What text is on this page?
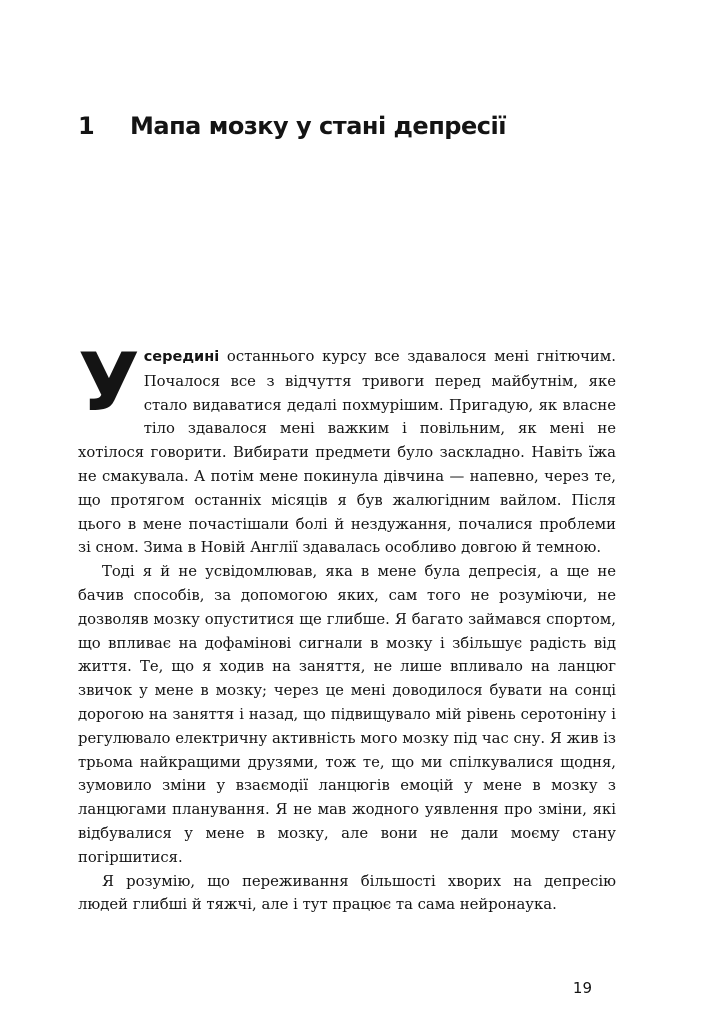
1 Мапа мозку у стані депресії

Усередині останнього курсу все здавалося мені гнітючим. Почалося все з відчуття тривоги перед майбутнім, яке стало видаватися дедалі похмурішим. Пригадую, як власне тіло здавалося мені важким і повільним, як мені не хотілося говорити. Вибирати предмети було заскладно. Навіть їжа не смакувала. А потім мене покинула дівчина — напевно, через те, що протягом останніх місяців я був жалюгідним вайлом. Після цього в мене почастішали болі й нездужання, почалися проблеми зі сном. Зима в Новій Англії здавалась особливо довгою й темною.

Тоді я й не усвідомлював, яка в мене була депресія, а ще не бачив способів, за допомогою яких, сам того не розуміючи, не дозволяв мозку опуститися ще глибше. Я багато займався спортом, що впливає на дофамінові сигнали в мозку і збільшує радість від життя. Те, що я ходив на заняття, не лише впливало на ланцюг звичок у мене в мозку; через це мені доводилося бувати на сонці дорогою на заняття і назад, що підвищувало мій рівень серотоніну і регулювало електричну активність мого мозку під час сну. Я жив із трьома найкращими друзями, тож те, що ми спілкувалися щодня, зумовило зміни у взаємодії ланцюгів емоцій у мене в мозку з ланцюгами планування. Я не мав жодного уявлення про зміни, які відбувалися у мене в мозку, але вони не дали моєму стану погіршитися.

Я розумію, що переживання більшості хворих на депресію людей глибші й тяжчі, але і тут працює та сама нейронаука.

19
